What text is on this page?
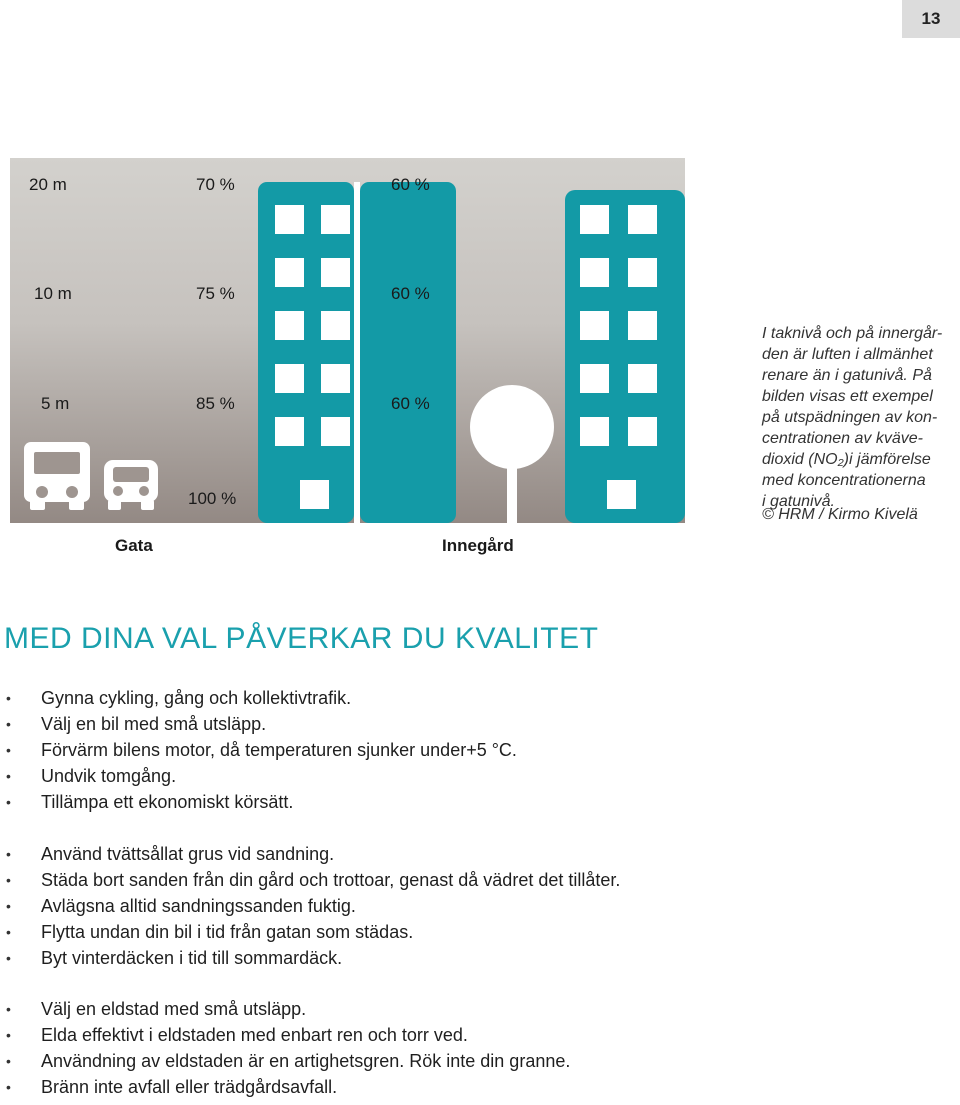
13
20 m
10 m
5 m
70 %
75 %
85 %
100 %
60 %
60 %
60 %
Gata	Innegård

I taknivå och på innergår-
den är luften i allmänhet
renare än i gatunivå. På
bilden visas ett exempel
på utspädningen av kon-
centrationen av kväve-
dioxid (NO₂)i jämförelse
med koncentrationerna
i gatunivå.

© HRM / Kirmo Kivelä
MED DINA VAL PÅVERKAR DU KVALITET
• Gynna cykling, gång och kollektivtrafik.
• Välj en bil med små utsläpp.
• Förvärm bilens motor, då temperaturen sjunker under+5 °C.
• Undvik tomgång.
• Tillämpa ett ekonomiskt körsätt.
• Använd tvättsållat grus vid sandning.
• Städa bort sanden från din gård och trottoar, genast då vädret det tillåter.
• Avlägsna alltid sandningssanden fuktig.
• Flytta undan din bil i tid från gatan som städas.
• Byt vinterdäcken i tid till sommardäck.
• Välj en eldstad med små utsläpp.
• Elda effektivt i eldstaden med enbart ren och torr ved.
• Användning av eldstaden är en artighetsgren. Rök inte din granne.
• Bränn inte avfall eller trädgårdsavfall.
